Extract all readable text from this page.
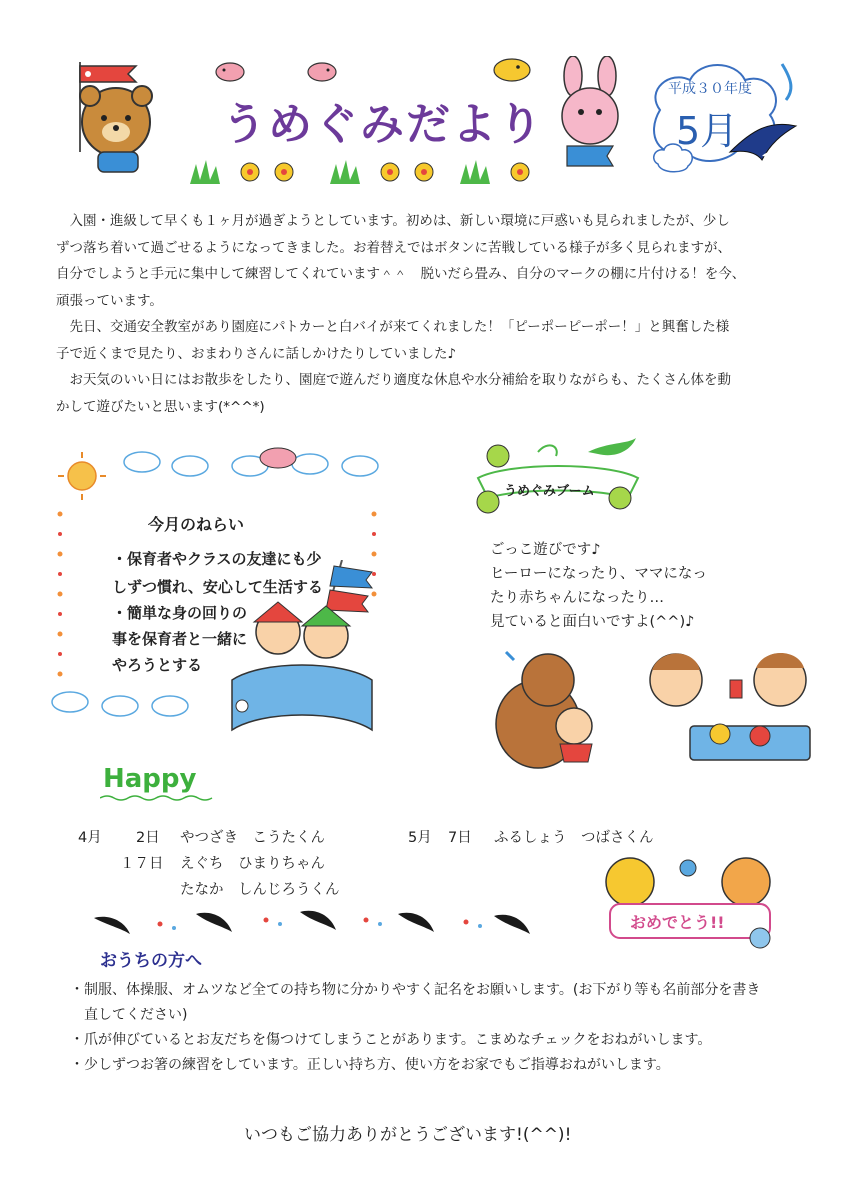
うめぐみだより
平成３０年度
5月

　入園・進級して早くも１ヶ月が過ぎようとしています。初めは、新しい環境に戸惑いも見られましたが、少し

ずつ落ち着いて過ごせるようになってきました。お着替えではボタンに苦戦している様子が多く見られますが、

自分でしようと手元に集中して練習してくれています＾＾　脱いだら畳み、自分のマークの棚に片付ける！を今、

頑張っています。

　先日、交通安全教室があり園庭にパトカーと白バイが来てくれました！「ピーポーピーポー！」と興奮した様

子で近くまで見たり、おまわりさんに話しかけたりしていました♪

　お天気のいい日にはお散歩をしたり、園庭で遊んだり適度な休息や水分補給を取りながらも、たくさん体を動

かして遊びたいと思います(*^^*)

今月のねらい
・保育者やクラスの友達にも少
しずつ慣れ、安心して生活する
・簡単な身の回りの
事を保育者と一緒に
やろうとする
うめぐみブーム
ごっこ遊びです♪
ヒーローになったり、ママになっ
たり赤ちゃんになったり…
見ていると面白いですよ(^^)♪
Happy
4月 2日 やつざき　こうたくん
１７日 えぐち　ひまりちゃん
たなか　しんじろうくん
5月 7日 ふるしょう　つばさくん
おめでとう!!
おうちの方へ

・制服、体操服、オムツなど全ての持ち物に分かりやすく記名をお願いします。(お下がり等も名前部分を書き

　直してください)

・爪が伸びているとお友だちを傷つけてしまうことがあります。こまめなチェックをおねがいします。

・少しずつお箸の練習をしています。正しい持ち方、使い方をお家でもご指導おねがいします。

いつもご協力ありがとうございます!(^^)!
